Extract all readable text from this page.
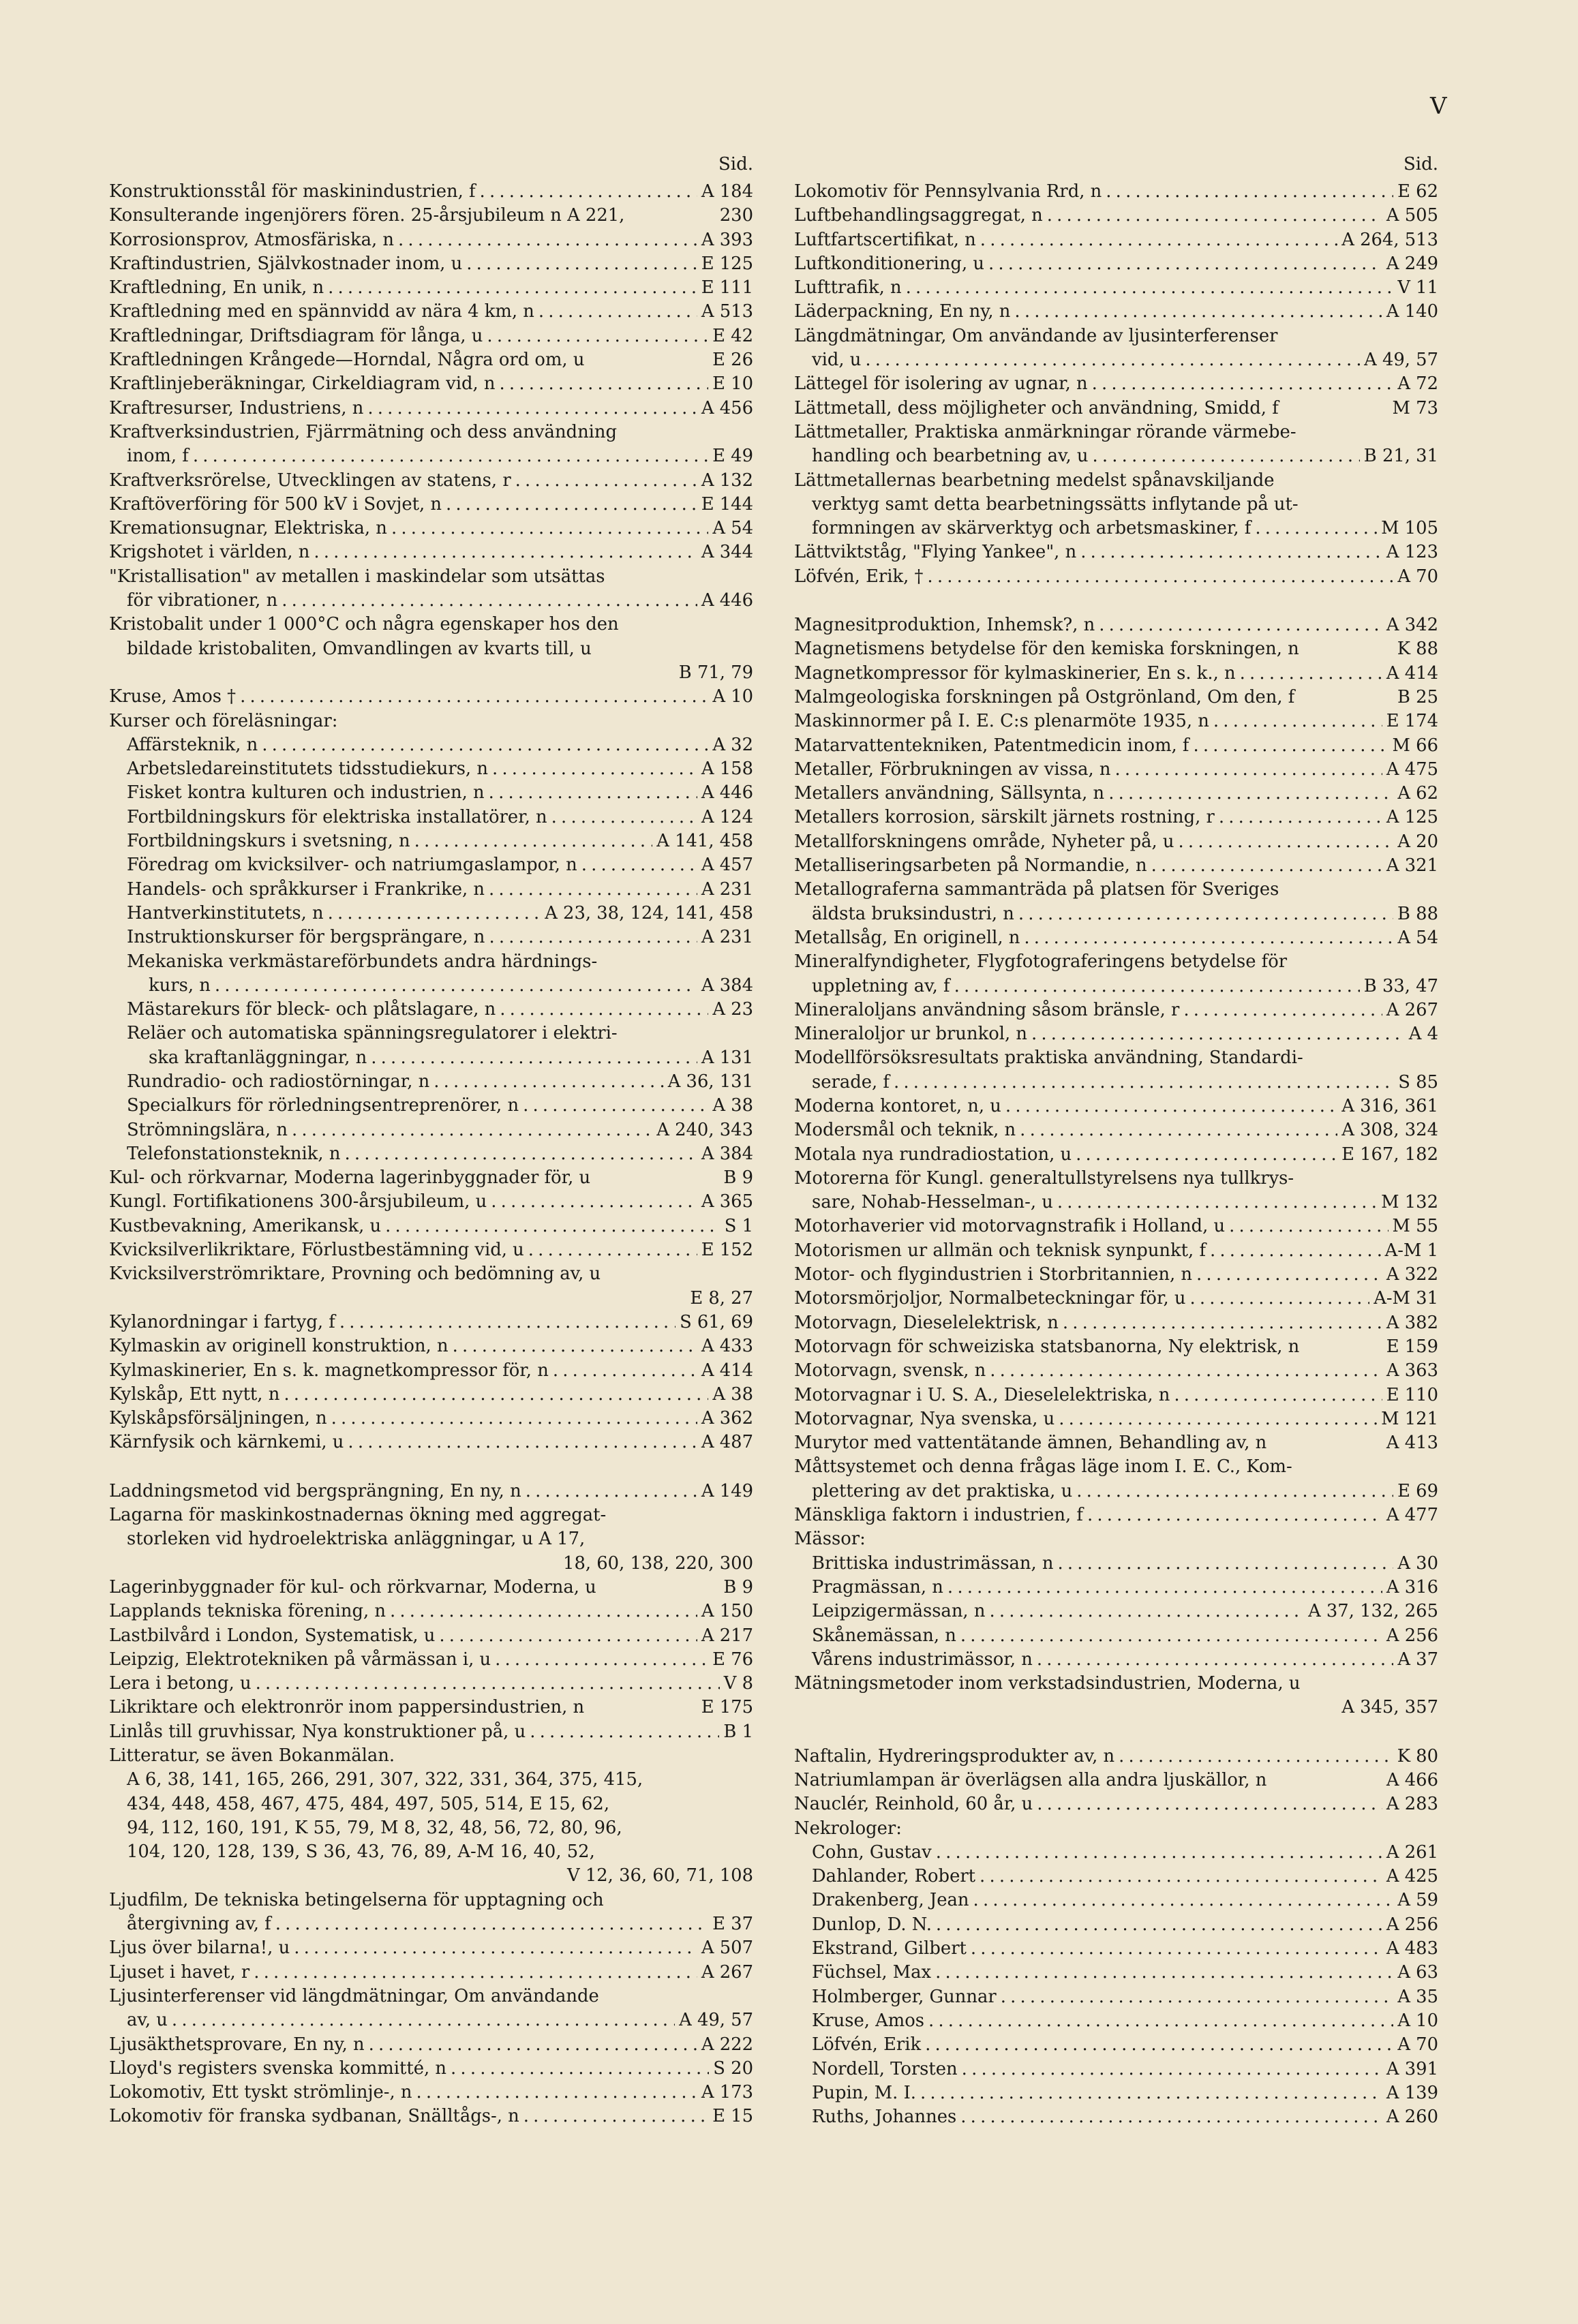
V
Sid.
Konstruktionsstål för maskinindustrien, f . . .	A 184
Konsulterande ingenjörers fören. 25-årsjubileum n A 221,	230
Korrosionsprov, Atmosfäriska, n . . .	A 393
Kraftindustrien, Självkostnader inom, u . . .	E 125
Kraftledning, En unik, n . . .	E 111
Kraftledning med en spännvidd av nära 4 km, n . . .	A 513
Kraftledningar, Driftsdiagram för långa, u . . .	E 42
Kraftledningen Krångede—Horndal, Några ord om, u	E 26
Kraftlinjeberäkningar, Cirkeldiagram vid, n . . .	E 10
Kraftresurser, Industriens, n . . .	A 456
Kraftverksindustrien, Fjärrmätning och dess användning
inom, f . . .	E 49
Kraftverksrörelse, Utvecklingen av statens, r . . .	A 132
Kraftöverföring för 500 kV i Sovjet, n . . .	E 144
Kremationsugnar, Elektriska, n . . .	A 54
Krigshotet i världen, n . . .	A 344
"Kristallisation" av metallen i maskindelar som utsättas
för vibrationer, n . . .	A 446
Kristobalit under 1 000°C och några egenskaper hos den
bildade kristobaliten, Omvandlingen av kvarts till, u
B 71, 79
Kruse, Amos † . . .	A 10
Kurser och föreläsningar:
Affärsteknik, n . . .	A 32
Arbetsledareinstitutets tidsstudiekurs, n . . .	A 158
Fisket kontra kulturen och industrien, n . . .	A 446
Fortbildningskurs för elektriska installatörer, n . . .	A 124
Fortbildningskurs i svetsning, n . . .	A 141, 458
Föredrag om kvicksilver- och natriumgaslampor, n . . .	A 457
Handels- och språkkurser i Frankrike, n . . .	A 231
Hantverkinstitutets, n . . .	A 23, 38, 124, 141, 458
Instruktionskurser för bergsprängare, n . . .	A 231
Mekaniska verkmästareförbundets andra härdnings-
kurs, n . . .	A 384
Mästarekurs för bleck- och plåtslagare, n . . .	A 23
Reläer och automatiska spänningsregulatorer i elektri-
ska kraftanläggningar, n . . .	A 131
Rundradio- och radiostörningar, n . . .	A 36, 131
Specialkurs för rörledningsentreprenörer, n . . .	A 38
Strömningslära, n . . .	A 240, 343
Telefonstationsteknik, n . . .	A 384
Kul- och rörkvarnar, Moderna lagerinbyggnader för, u	B 9
Kungl. Fortifikationens 300-årsjubileum, u . . .	A 365
Kustbevakning, Amerikansk, u . . .	S 1
Kvicksilverlikriktare, Förlustbestämning vid, u . . .	E 152
Kvicksilverströmriktare, Provning och bedömning av, u
E 8, 27
Kylanordningar i fartyg, f . . .	S 61, 69
Kylmaskin av originell konstruktion, n . . .	A 433
Kylmaskinerier, En s. k. magnetkompressor för, n . . .	A 414
Kylskåp, Ett nytt, n . . .	A 38
Kylskåpsförsäljningen, n . . .	A 362
Kärnfysik och kärnkemi, u . . .	A 487
Laddningsmetod vid bergsprängning, En ny, n . . .	A 149
Lagarna för maskinkostnadernas ökning med aggregat-
storleken vid hydroelektriska anläggningar, u A 17,
18, 60, 138, 220, 300
Lagerinbyggnader för kul- och rörkvarnar, Moderna, u	B 9
Lapplands tekniska förening, n . . .	A 150
Lastbilvård i London, Systematisk, u . . .	A 217
Leipzig, Elektrotekniken på vårmässan i, u . . .	E 76
Lera i betong, u . . .	V 8
Likriktare och elektronrör inom pappersindustrien, n	E 175
Linlås till gruvhissar, Nya konstruktioner på, u . . .	B 1
Litteratur, se även Bokanmälan.
A 6, 38, 141, 165, 266, 291, 307, 322, 331, 364, 375, 415,
434, 448, 458, 467, 475, 484, 497, 505, 514, E 15, 62,
94, 112, 160, 191, K 55, 79, M 8, 32, 48, 56, 72, 80, 96,
104, 120, 128, 139, S 36, 43, 76, 89, A-M 16, 40, 52,
V 12, 36, 60, 71, 108
Ljudfilm, De tekniska betingelserna för upptagning och
återgivning av, f . . .	E 37
Ljus över bilarna!, u . . .	A 507
Ljuset i havet, r . . .	A 267
Ljusinterferenser vid längdmätningar, Om användande
av, u . . .	A 49, 57
Ljusäkthetsprovare, En ny, n . . .	A 222
Lloyd's registers svenska kommitté, n . . .	S 20
Lokomotiv, Ett tyskt strömlinje-, n . . .	A 173
Lokomotiv för franska sydbanan, Snälltågs-, n . . .	E 15
Sid.
Lokomotiv för Pennsylvania Rrd, n . . .	E 62
Luftbehandlingsaggregat, n . . .	A 505
Luftfartscertifikat, n . . .	A 264, 513
Luftkonditionering, u . . .	A 249
Lufttrafik, n . . .	V 11
Läderpackning, En ny, n . . .	A 140
Längdmätningar, Om användande av ljusinterferenser
vid, u . . .	A 49, 57
Lättegel för isolering av ugnar, n . . .	A 72
Lättmetall, dess möjligheter och användning, Smidd, f	M 73
Lättmetaller, Praktiska anmärkningar rörande värmebe-
handling och bearbetning av, u . . .	B 21, 31
Lättmetallernas bearbetning medelst spånavskiljande
verktyg samt detta bearbetningssätts inflytande på ut-
formningen av skärverktyg och arbetsmaskiner, f . . .	M 105
Lättviktståg, "Flying Yankee", n . . .	A 123
Löfvén, Erik, † . . .	A 70
Magnesitproduktion, Inhemsk?, n . . .	A 342
Magnetismens betydelse för den kemiska forskningen, n	K 88
Magnetkompressor för kylmaskinerier, En s. k., n . . .	A 414
Malmgeologiska forskningen på Ostgrönland, Om den, f	B 25
Maskinnormer på I. E. C:s plenarmöte 1935, n . . .	E 174
Matarvattentekniken, Patentmedicin inom, f . . .	M 66
Metaller, Förbrukningen av vissa, n . . .	A 475
Metallers användning, Sällsynta, n . . .	A 62
Metallers korrosion, särskilt järnets rostning, r . . .	A 125
Metallforskningens område, Nyheter på, u . . .	A 20
Metalliseringsarbeten på Normandie, n . . .	A 321
Metallograferna sammanträda på platsen för Sveriges
äldsta bruksindustri, n . . .	B 88
Metallsåg, En originell, n . . .	A 54
Mineralfyndigheter, Flygfotograferingens betydelse för
uppletning av, f . . .	B 33, 47
Mineraloljans användning såsom bränsle, r . . .	A 267
Mineraloljor ur brunkol, n . . .	A 4
Modellförsöksresultats praktiska användning, Standardi-
serade, f . . .	S 85
Moderna kontoret, n, u . . .	A 316, 361
Modersmål och teknik, n . . .	A 308, 324
Motala nya rundradiostation, u . . .	E 167, 182
Motorerna för Kungl. generaltullstyrelsens nya tullkrys-
sare, Nohab-Hesselman-, u . . .	M 132
Motorhaverier vid motorvagnstrafik i Holland, u . . .	M 55
Motorismen ur allmän och teknisk synpunkt, f . . .	A-M 1
Motor- och flygindustrien i Storbritannien, n . . .	A 322
Motorsmörjoljor, Normalbeteckningar för, u . . .	A-M 31
Motorvagn, Dieselelektrisk, n . . .	A 382
Motorvagn för schweiziska statsbanorna, Ny elektrisk, n	E 159
Motorvagn, svensk, n . . .	A 363
Motorvagnar i U. S. A., Dieselelektriska, n . . .	E 110
Motorvagnar, Nya svenska, u . . .	M 121
Murytor med vattentätande ämnen, Behandling av, n	A 413
Måttsystemet och denna frågas läge inom I. E. C., Kom-
plettering av det praktiska, u . . .	E 69
Mänskliga faktorn i industrien, f . . .	A 477
Mässor:
Brittiska industrimässan, n . . .	A 30
Pragmässan, n . . .	A 316
Leipzigermässan, n . . .	A 37, 132, 265
Skånemässan, n . . .	A 256
Vårens industrimässor, n . . .	A 37
Mätningsmetoder inom verkstadsindustrien, Moderna, u
A 345, 357
Naftalin, Hydreringsprodukter av, n . . .	K 80
Natriumlampan är överlägsen alla andra ljuskällor, n	A 466
Nauclér, Reinhold, 60 år, u . . .	A 283
Nekrologer:
Cohn, Gustav . . .	A 261
Dahlander, Robert . . .	A 425
Drakenberg, Jean . . .	A 59
Dunlop, D. N. . . .	A 256
Ekstrand, Gilbert . . .	A 483
Füchsel, Max . . .	A 63
Holmberger, Gunnar . . .	A 35
Kruse, Amos . . .	A 10
Löfvén, Erik . . .	A 70
Nordell, Torsten . . .	A 391
Pupin, M. I. . . .	A 139
Ruths, Johannes . . .	A 260
